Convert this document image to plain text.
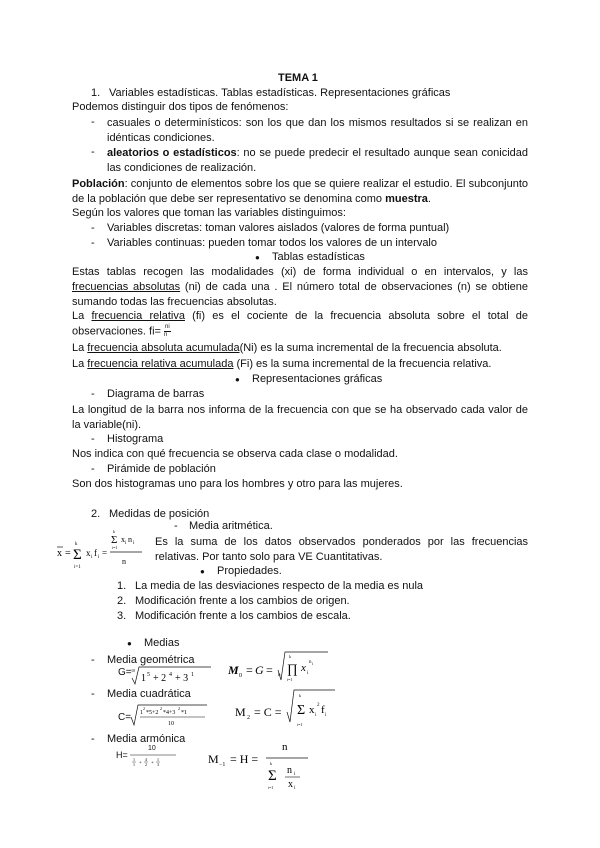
TEMA 1
1. Variables estadísticas. Tablas estadísticas. Representaciones gráficas
Podemos distinguir dos tipos de fenómenos:
- casuales o determinísticos: son los que dan los mismos resultados si se realizan en idénticas condiciones.
- aleatorios o estadísticos: no se puede predecir el resultado aunque sean conicidad las condiciones de realización.
Población: conjunto de elementos sobre los que se quiere realizar el estudio. El subconjunto de la población que debe ser representativo se denomina como muestra.
Según los valores que toman las variables distinguimos:
- Variables discretas: toman valores aislados (valores de forma puntual)
- Variables continuas: pueden tomar todos los valores de un intervalo
● Tablas estadísticas
Estas tablas recogen las modalidades (xi) de forma individual o en intervalos, y las frecuencias absolutas (ni) de cada una . El número total de observaciones (n) se obtiene sumando todas las frecuencias absolutas.
La frecuencia relativa (fi) es el cociente de la frecuencia absoluta sobre el total de observaciones. $fi= \frac{ni}{n}$
La frecuencia absoluta acumulada(Ni) es la suma incremental de la frecuencia absoluta.
La frecuencia relativa acumulada (Fi) es la suma incremental de la frecuencia relativa.
● Representaciones gráficas
- Diagrama de barras
La longitud de la barra nos informa de la frecuencia con que se ha observado cada valor de la variable(ni).
- Histograma
Nos indica con qué frecuencia se observa cada clase o modalidad.
- Pirámide de población
Son dos histogramas uno para los hombres y otro para las mujeres.
2. Medidas de posición
x = Σ
k
i=1
x i f i =
Σ
k
i=1
x i n i
n
- Media aritmética.
Es la suma de los datos observados ponderados por las frecuencias relativas. Por tanto solo para VE Cuantitativas.
● Propiedades.
1. La media de las desviaciones respecto de la media es nula
2. Modificación frente a los cambios de origen.
3. Modificación frente a los cambios de escala.
● Medias
- Media geométrica
G= 10
1 5 + 2 4 + 3 1	M 0 = G = n ∏
k
i=1
x i
n i
- Media cuadrática
C= 1
2
*5+2
2
*4+3
2
*1
10
M 2 = C = Σ
k
i=1
x i
2 f i
- Media armónica
H=
10
1
1 +
4
2 +
1
3	M −1 = H =
n
Σ
k
i=1
n i
x i
